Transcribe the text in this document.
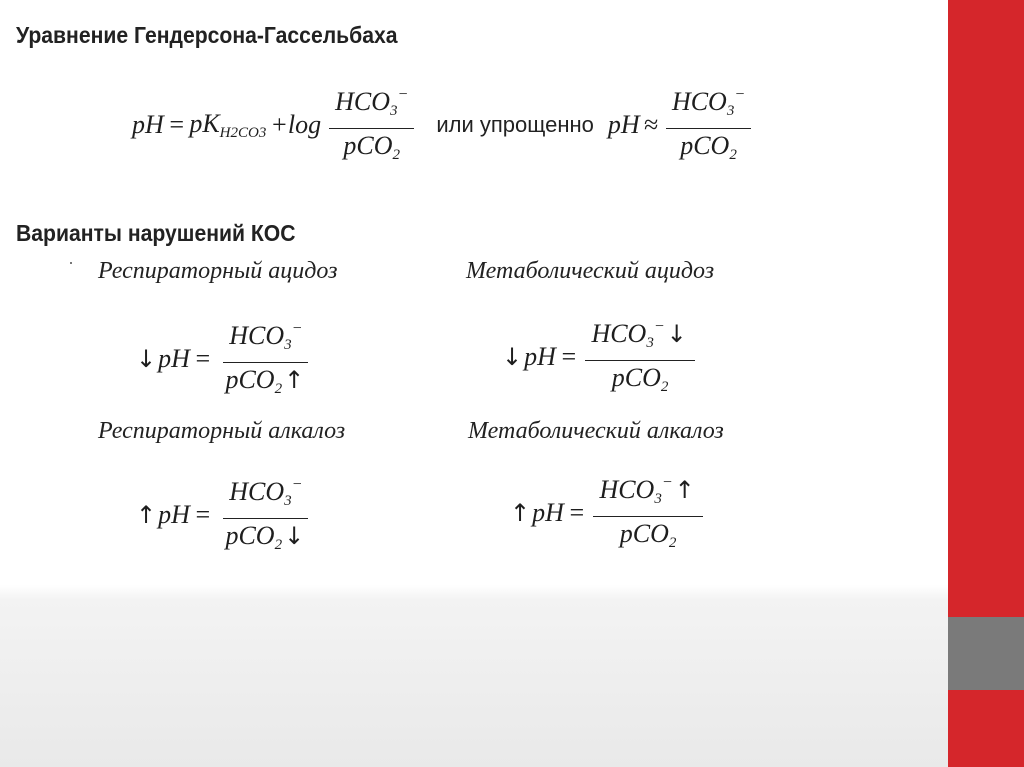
Уравнение Гендерсона-Гассельбаха
pH = $pK_{H2CO3} +\log \frac{HCO_3^-}{pCO_2}$ или упрощенно pH ≈ $\frac{HCO_3^-}{pCO_2}$
Варианты нарушений КОС
Респираторный ацидоз
↓ pH = $\frac{HCO_3^-}{pCO_2↑}$
Метаболический ацидоз
↓ pH = $\frac{HCO_3^-↓}{pCO_2}$
Респираторный алкалоз
↑ pH = $\frac{HCO_3^-}{pCO_2↓}$
Метаболический алкалоз
↑ pH = $\frac{HCO_3^-↑}{pCO_2}$
